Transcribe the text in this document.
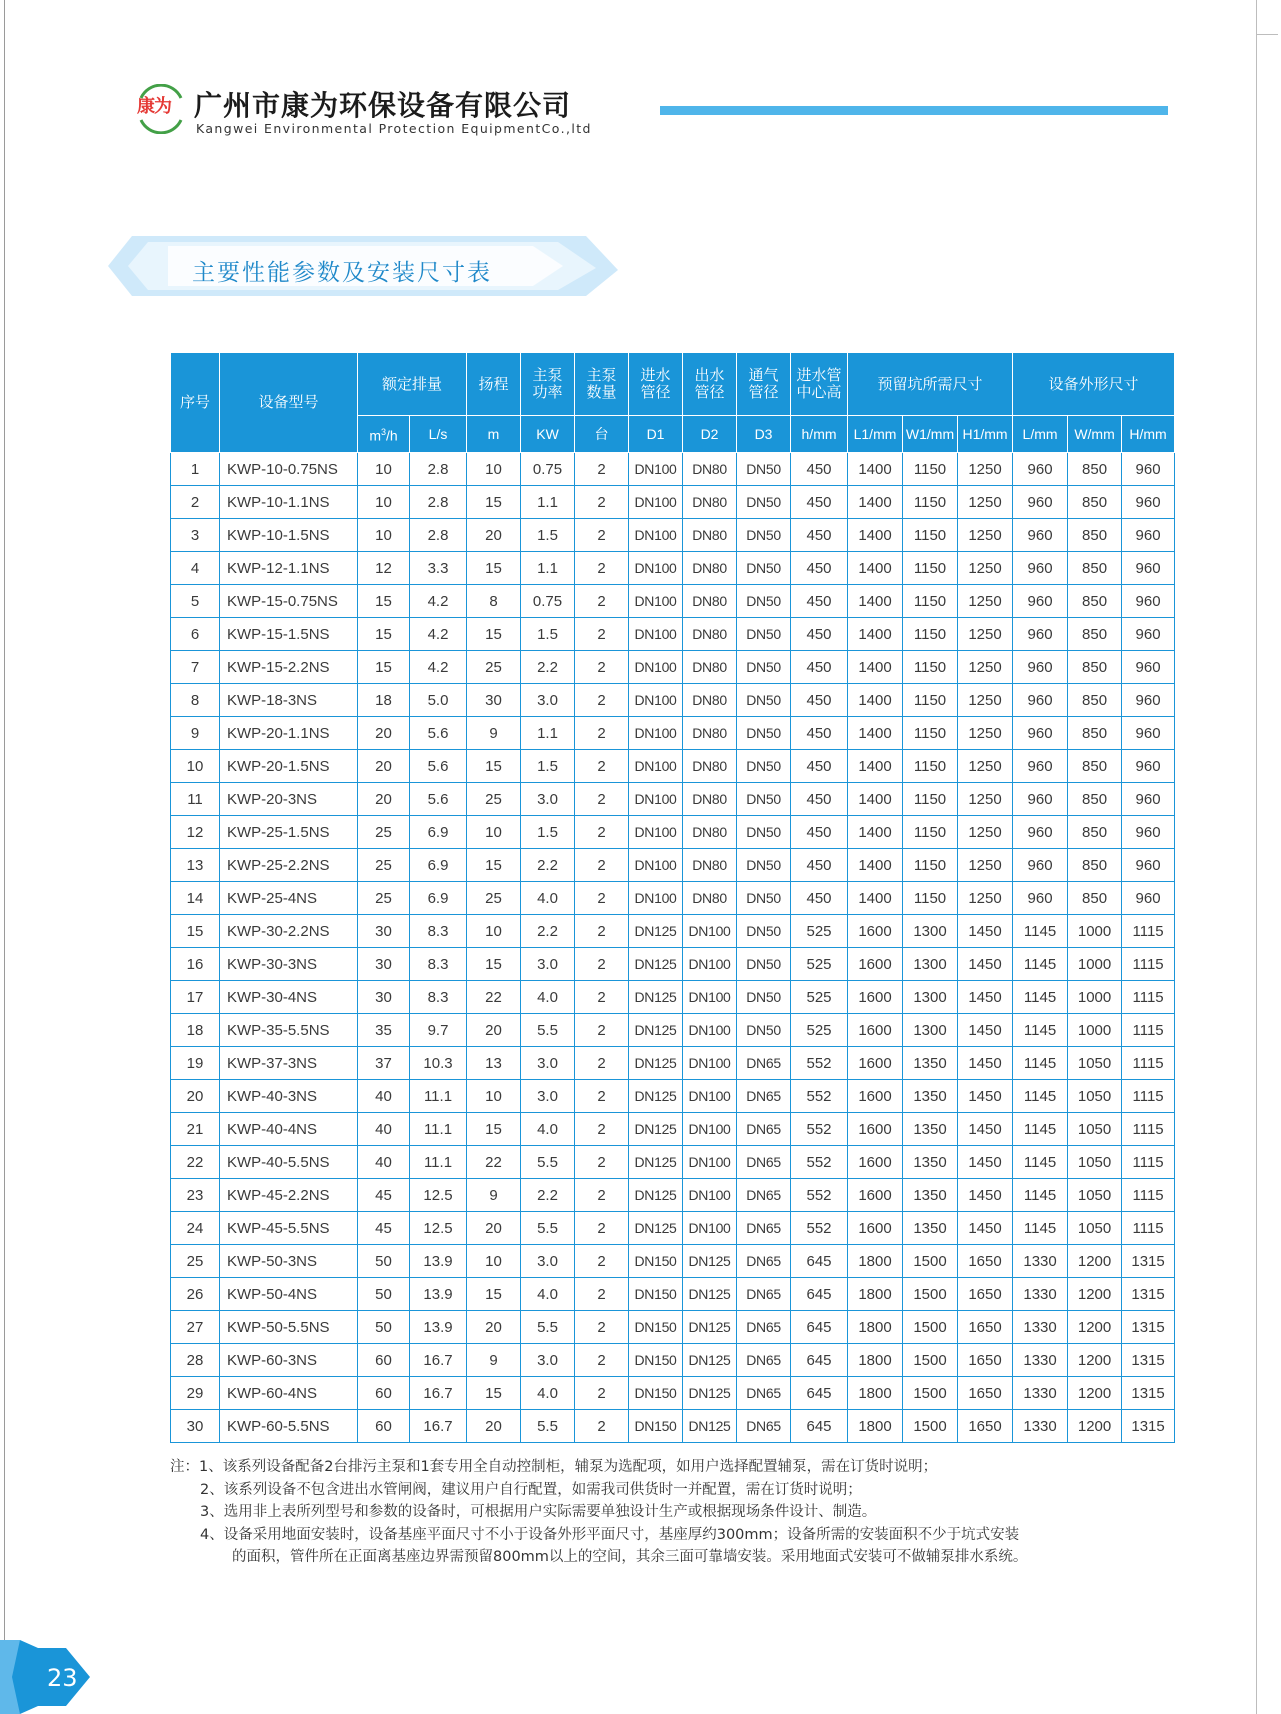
康为 广州市康为环保设备有限公司
Kangwei Environmental Protection EquipmentCo.,ltd
主要性能参数及安装尺寸表
序号	设备型号	额定排量		扬程	主泵功率	主泵数量	进水管径	出水管径	通气管径	进水管中心高	预留坑所需尺寸			设备外形尺寸		
		$m^3/h$	L/s	m	KW	台	D1	D2	D3	h/mm	L1/mm	W1/mm	H1/mm	L/mm	W/mm	H/mm
1	KWP-10-0.75NS	10	2.8	10	0.75	2	DN100	DN80	DN50	450	1400	1150	1250	960	850	960
2	KWP-10-1.1NS	10	2.8	15	1.1	2	DN100	DN80	DN50	450	1400	1150	1250	960	850	960
3	KWP-10-1.5NS	10	2.8	20	1.5	2	DN100	DN80	DN50	450	1400	1150	1250	960	850	960
4	KWP-12-1.1NS	12	3.3	15	1.1	2	DN100	DN80	DN50	450	1400	1150	1250	960	850	960
5	KWP-15-0.75NS	15	4.2	8	0.75	2	DN100	DN80	DN50	450	1400	1150	1250	960	850	960
6	KWP-15-1.5NS	15	4.2	15	1.5	2	DN100	DN80	DN50	450	1400	1150	1250	960	850	960
7	KWP-15-2.2NS	15	4.2	25	2.2	2	DN100	DN80	DN50	450	1400	1150	1250	960	850	960
8	KWP-18-3NS	18	5.0	30	3.0	2	DN100	DN80	DN50	450	1400	1150	1250	960	850	960
9	KWP-20-1.1NS	20	5.6	9	1.1	2	DN100	DN80	DN50	450	1400	1150	1250	960	850	960
10	KWP-20-1.5NS	20	5.6	15	1.5	2	DN100	DN80	DN50	450	1400	1150	1250	960	850	960
11	KWP-20-3NS	20	5.6	25	3.0	2	DN100	DN80	DN50	450	1400	1150	1250	960	850	960
12	KWP-25-1.5NS	25	6.9	10	1.5	2	DN100	DN80	DN50	450	1400	1150	1250	960	850	960
13	KWP-25-2.2NS	25	6.9	15	2.2	2	DN100	DN80	DN50	450	1400	1150	1250	960	850	960
14	KWP-25-4NS	25	6.9	25	4.0	2	DN100	DN80	DN50	450	1400	1150	1250	960	850	960
15	KWP-30-2.2NS	30	8.3	10	2.2	2	DN125	DN100	DN50	525	1600	1300	1450	1145	1000	1115
16	KWP-30-3NS	30	8.3	15	3.0	2	DN125	DN100	DN50	525	1600	1300	1450	1145	1000	1115
17	KWP-30-4NS	30	8.3	22	4.0	2	DN125	DN100	DN50	525	1600	1300	1450	1145	1000	1115
18	KWP-35-5.5NS	35	9.7	20	5.5	2	DN125	DN100	DN50	525	1600	1300	1450	1145	1000	1115
19	KWP-37-3NS	37	10.3	13	3.0	2	DN125	DN100	DN65	552	1600	1350	1450	1145	1050	1115
20	KWP-40-3NS	40	11.1	10	3.0	2	DN125	DN100	DN65	552	1600	1350	1450	1145	1050	1115
21	KWP-40-4NS	40	11.1	15	4.0	2	DN125	DN100	DN65	552	1600	1350	1450	1145	1050	1115
22	KWP-40-5.5NS	40	11.1	22	5.5	2	DN125	DN100	DN65	552	1600	1350	1450	1145	1050	1115
23	KWP-45-2.2NS	45	12.5	9	2.2	2	DN125	DN100	DN65	552	1600	1350	1450	1145	1050	1115
24	KWP-45-5.5NS	45	12.5	20	5.5	2	DN125	DN100	DN65	552	1600	1350	1450	1145	1050	1115
25	KWP-50-3NS	50	13.9	10	3.0	2	DN150	DN125	DN65	645	1800	1500	1650	1330	1200	1315
26	KWP-50-4NS	50	13.9	15	4.0	2	DN150	DN125	DN65	645	1800	1500	1650	1330	1200	1315
27	KWP-50-5.5NS	50	13.9	20	5.5	2	DN150	DN125	DN65	645	1800	1500	1650	1330	1200	1315
28	KWP-60-3NS	60	16.7	9	3.0	2	DN150	DN125	DN65	645	1800	1500	1650	1330	1200	1315
29	KWP-60-4NS	60	16.7	15	4.0	2	DN150	DN125	DN65	645	1800	1500	1650	1330	1200	1315
30	KWP-60-5.5NS	60	16.7	20	5.5	2	DN150	DN125	DN65	645	1800	1500	1650	1330	1200	1315
注：1、该系列设备配备2台排污主泵和1套专用全自动控制柜，辅泵为选配项，如用户选择配置辅泵，需在订货时说明；
2、该系列设备不包含进出水管闸阀，建议用户自行配置，如需我司供货时一并配置，需在订货时说明；
3、选用非上表所列型号和参数的设备时，可根据用户实际需要单独设计生产或根据现场条件设计、制造。
4、设备采用地面安装时，设备基座平面尺寸不小于设备外形平面尺寸，基座厚约300mm；设备所需的安装面积不少于坑式安装
的面积，管件所在正面离基座边界需预留800mm以上的空间，其余三面可靠墙安装。采用地面式安装可不做辅泵排水系统。
23
